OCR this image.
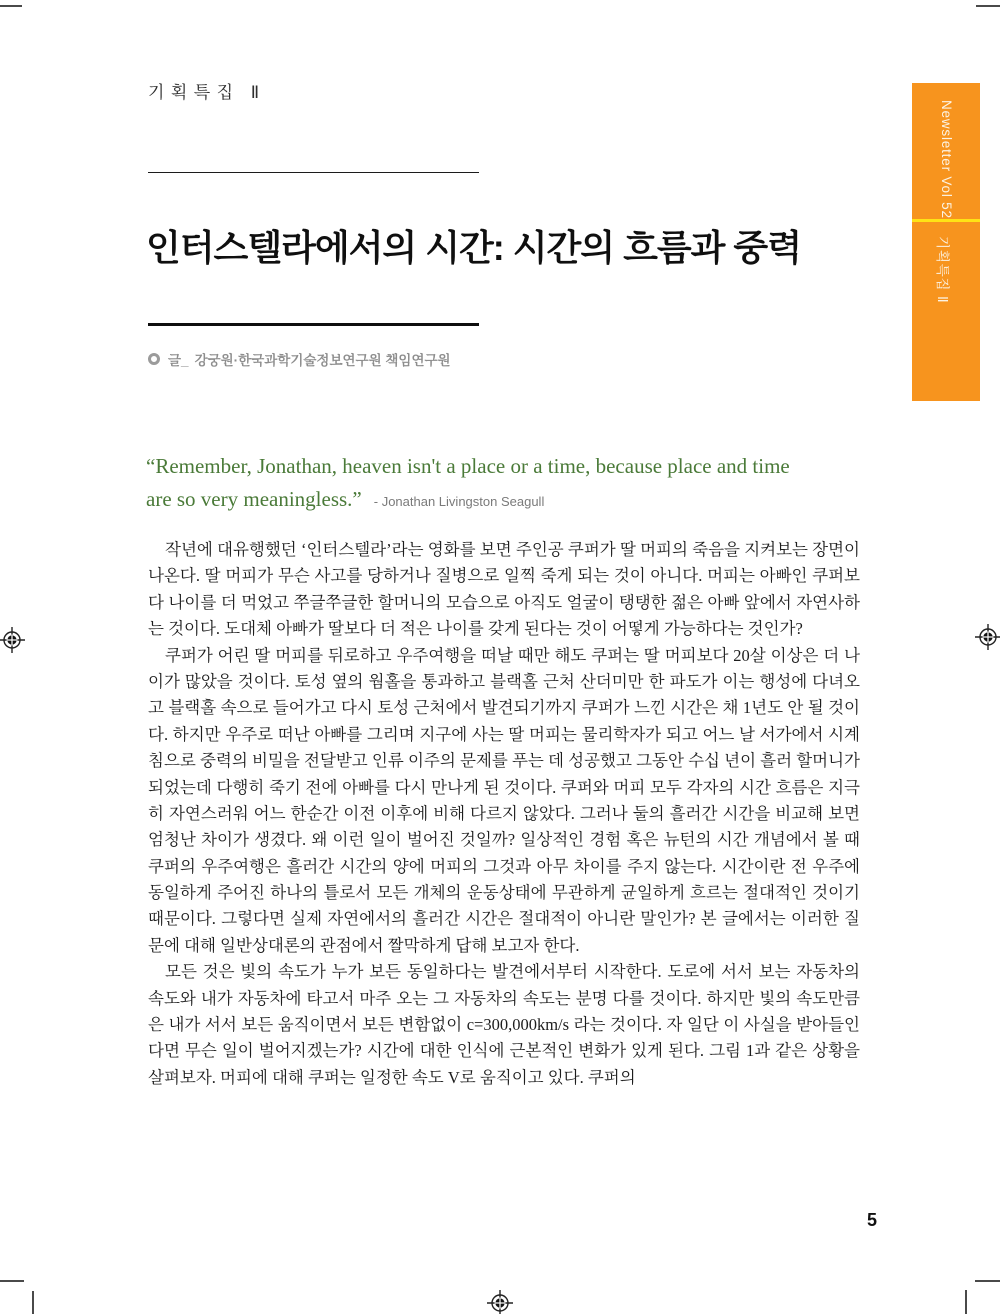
기획특집 Ⅱ
Newsletter Vol 52
기획특집 Ⅱ
인터스텔라에서의 시간: 시간의 흐름과 중력
글_ 강궁원·한국과학기술정보연구원 책임연구원
“Remember, Jonathan, heaven isn't a place or a time, because place and time
are so very meaningless.” - Jonathan Livingston Seagull

작년에 대유행했던 ‘인터스텔라’라는 영화를 보면 주인공 쿠퍼가 딸 머피의 죽음을 지켜보는 장면이 나온다. 딸 머피가 무슨 사고를 당하거나 질병으로 일찍 죽게 되는 것이 아니다. 머피는 아빠인 쿠퍼보다 나이를 더 먹었고 쭈글쭈글한 할머니의 모습으로 아직도 얼굴이 탱탱한 젊은 아빠 앞에서 자연사하는 것이다. 도대체 아빠가 딸보다 더 적은 나이를 갖게 된다는 것이 어떻게 가능하다는 것인가?

쿠퍼가 어린 딸 머피를 뒤로하고 우주여행을 떠날 때만 해도 쿠퍼는 딸 머피보다 20살 이상은 더 나이가 많았을 것이다. 토성 옆의 웜홀을 통과하고 블랙홀 근처 산더미만 한 파도가 이는 행성에 다녀오고 블랙홀 속으로 들어가고 다시 토성 근처에서 발견되기까지 쿠퍼가 느낀 시간은 채 1년도 안 될 것이다. 하지만 우주로 떠난 아빠를 그리며 지구에 사는 딸 머피는 물리학자가 되고 어느 날 서가에서 시계 침으로 중력의 비밀을 전달받고 인류 이주의 문제를 푸는 데 성공했고 그동안 수십 년이 흘러 할머니가 되었는데 다행히 죽기 전에 아빠를 다시 만나게 된 것이다. 쿠퍼와 머피 모두 각자의 시간 흐름은 지극히 자연스러워 어느 한순간 이전 이후에 비해 다르지 않았다. 그러나 둘의 흘러간 시간을 비교해 보면 엄청난 차이가 생겼다. 왜 이런 일이 벌어진 것일까? 일상적인 경험 혹은 뉴턴의 시간 개념에서 볼 때 쿠퍼의 우주여행은 흘러간 시간의 양에 머피의 그것과 아무 차이를 주지 않는다. 시간이란 전 우주에 동일하게 주어진 하나의 틀로서 모든 개체의 운동상태에 무관하게 균일하게 흐르는 절대적인 것이기 때문이다. 그렇다면 실제 자연에서의 흘러간 시간은 절대적이 아니란 말인가? 본 글에서는 이러한 질문에 대해 일반상대론의 관점에서 짤막하게 답해 보고자 한다.

모든 것은 빛의 속도가 누가 보든 동일하다는 발견에서부터 시작한다. 도로에 서서 보는 자동차의 속도와 내가 자동차에 타고서 마주 오는 그 자동차의 속도는 분명 다를 것이다. 하지만 빛의 속도만큼은 내가 서서 보든 움직이면서 보든 변함없이 c=300,000km/s 라는 것이다. 자 일단 이 사실을 받아들인다면 무슨 일이 벌어지겠는가? 시간에 대한 인식에 근본적인 변화가 있게 된다. 그림 1과 같은 상황을 살펴보자. 머피에 대해 쿠퍼는 일정한 속도 V로 움직이고 있다. 쿠퍼의

5
